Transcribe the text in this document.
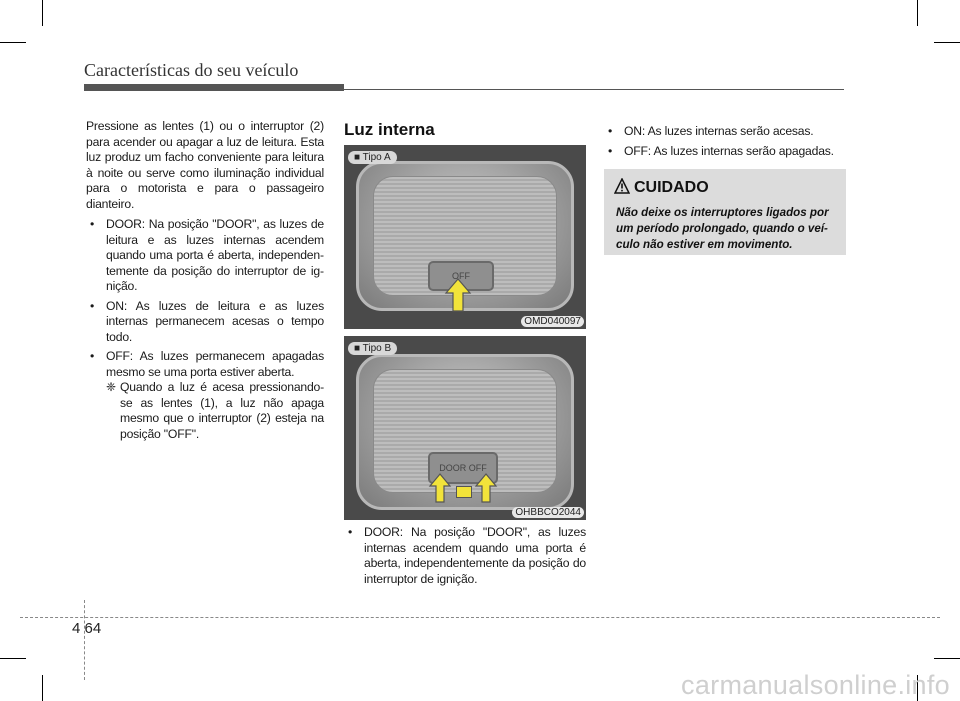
Características do seu veículo

Pressione as lentes (1) ou o interruptor (2) para acender ou apagar a luz de leitura. Esta luz produz um facho conveniente para leitura à noite ou serve como iluminação individual para o motorista e para o passageiro dianteiro.

• DOOR: Na posição "DOOR", as luzes de leitura e as luzes internas acendem quando uma porta é aberta, independentemente da posição do interruptor de ignição.
• ON: As luzes de leitura e as luzes internas permanecem acesas o tempo todo.
• OFF: As luzes permanecem apagadas mesmo se uma porta estiver aberta.
❈ Quando a luz é acesa pressionando-se as lentes (1), a luz não apaga mesmo que o interruptor (2) esteja na posição "OFF".
Luz interna
OFF
■ Tipo A
OMD040097
DOOR OFF
■ Tipo B
OHBBCO2044
• DOOR: Na posição "DOOR", as luzes internas acendem quando uma porta é aberta, independentemente da posição do interruptor de ignição.
• ON: As luzes internas serão acesas.
• OFF: As luzes internas serão apagadas.
CUIDADO
Não deixe os interruptores ligados por um período prolongado, quando o veículo não estiver em movimento.
4 64
carmanualsonline.info
